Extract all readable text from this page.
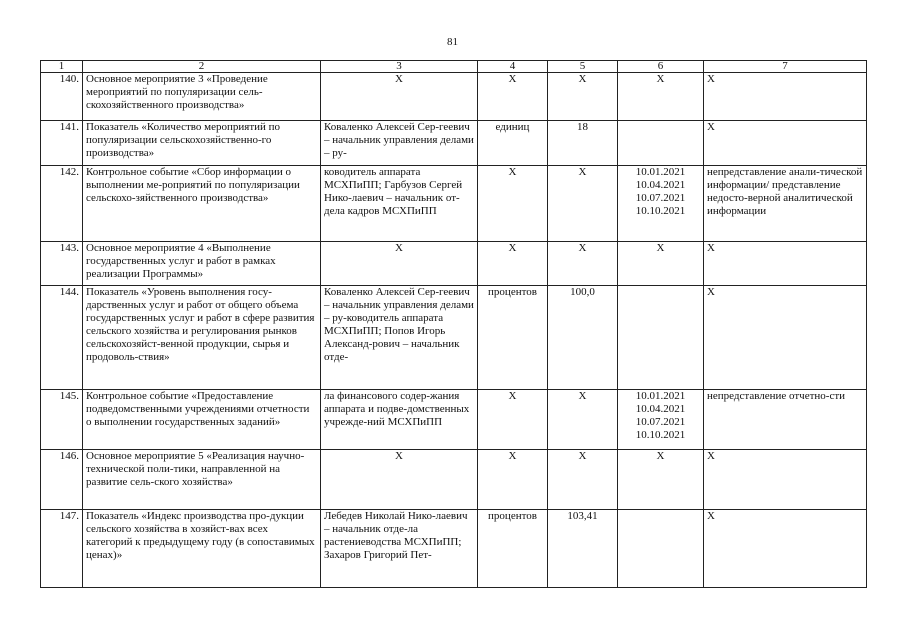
81
1	2	3	4	5	6	7
140.	Основное мероприятие 3 «Проведение мероприятий по популяризации сель-скохозяйственного производства»	X	X	X	X	X
141.	Показатель «Количество мероприятий по популяризации сельскохозяйственно-го производства»	Коваленко Алексей Сер-геевич – начальник управления делами – ру-	единиц	18		X
142.	Контрольное событие «Сбор информации о выполнении ме-роприятий по популяризации сельскохо-зяйственного производства»	ководитель аппарата МСХПиПП; Гарбузов Сергей Нико-лаевич – начальник от-дела кадров МСХПиПП	X	X	10.01.2021 10.04.2021 10.07.2021 10.10.2021	непредставление анали-тической информации/ представление недосто-верной аналитической информации
143.	Основное мероприятие 4 «Выполнение государственных услуг и работ в рамках реализации Программы»	X	X	X	X	X
144.	Показатель «Уровень выполнения госу-дарственных услуг и работ от общего объема государственных услуг и работ в сфере развития сельского хозяйства и регулирования рынков сельскохозяйст-венной продукции, сырья и продоволь-ствия»	Коваленко Алексей Сер-геевич – начальник управления делами – ру-ководитель аппарата МСХПиПП; Попов Игорь Александ-рович – начальник отде-	процентов	100,0		X
145.	Контрольное событие «Предоставление подведомственными учреждениями отчетности о выполнении государственных заданий»	ла финансового содер-жания аппарата и подве-домственных учрежде-ний МСХПиПП	X	X	10.01.2021 10.04.2021 10.07.2021 10.10.2021	непредставление отчетно-сти
146.	Основное мероприятие 5 «Реализация научно-технической поли-тики, направленной на развитие сель-ского хозяйства»	X	X	X	X	X
147.	Показатель «Индекс производства про-дукции сельского хозяйства в хозяйст-вах всех категорий к предыдущему году (в сопоставимых ценах)»	Лебедев Николай Нико-лаевич – начальник отде-ла растениеводства МСХПиПП; Захаров Григорий Пет-	процентов	103,41		X
